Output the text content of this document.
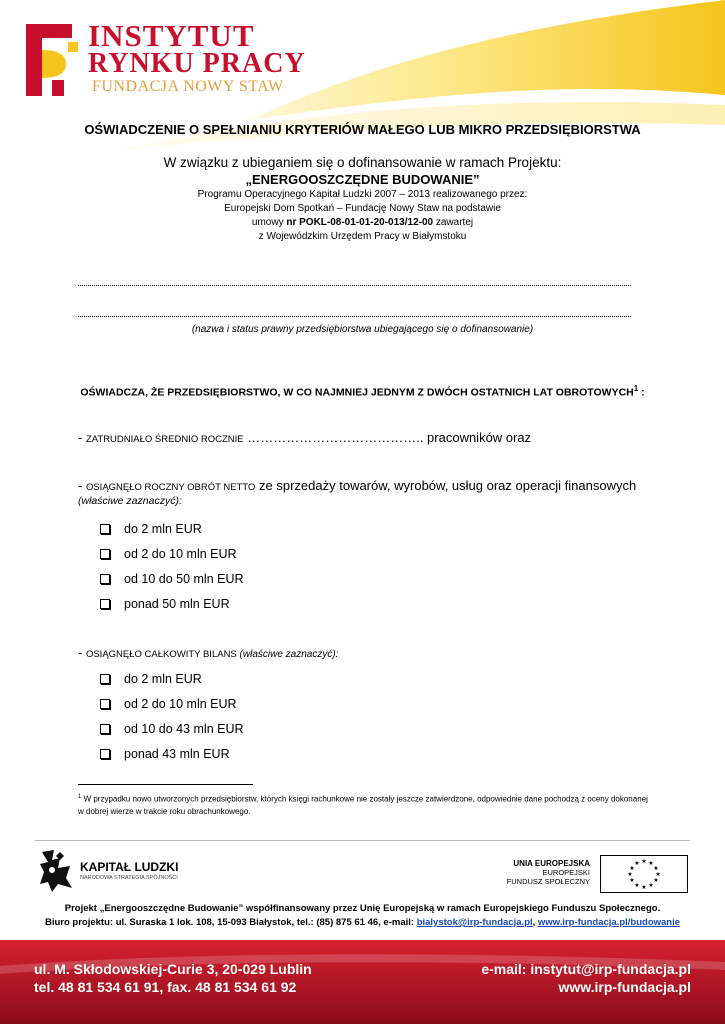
INSTYTUT
RYNKU PRACY
FUNDACJA NOWY STAW
OŚWIADCZENIE O SPEŁNIANIU KRYTERIÓW MAŁEGO LUB MIKRO PRZEDSIĘBIORSTWA
W związku z ubieganiem się o dofinansowanie w ramach Projektu:
„ENERGOOSZCZĘDNE BUDOWANIE”
Programu Operacyjnego Kapitał Ludzki 2007 – 2013 realizowanego przez:
Europejski Dom Spotkań – Fundację Nowy Staw na podstawie
umowy nr POKL-08-01-01-20-013/12-00 zawartej
z Wojewódzkim Urzędem Pracy w Białymstoku
(nazwa i status prawny przedsiębiorstwa ubiegającego się o dofinansowanie)
OŚWIADCZA, ŻE PRZEDSIĘBIORSTWO, W CO NAJMNIEJ JEDNYM Z DWÓCH OSTATNICH LAT OBROTOWYCH$^1$ :
- ZATRUDNIAŁO ŚREDNIO ROCZNIE ………………………………….. pracowników oraz
- OSIĄGNĘŁO ROCZNY OBRÓT NETTO ze sprzedaży towarów, wyrobów, usług oraz operacji finansowych
(właściwe zaznaczyć):
do 2 mln EUR
od 2 do 10 mln EUR
od 10 do 50 mln EUR
ponad 50 mln EUR
- OSIĄGNĘŁO CAŁKOWITY BILANS (właściwe zaznaczyć):
do 2 mln EUR
od 2 do 10 mln EUR
od 10 do 43 mln EUR
ponad 43 mln EUR
$^1$ W przypadku nowo utworzonych przedsiębiorstw, których księgi rachunkowe nie zostały jeszcze zatwierdzone, odpowiednie dane pochodzą z oceny dokonanej w dobrej wierze w trakcie roku obrachunkowego.
KAPITAŁ LUDZKI
NARODOWA STRATEGIA SPÓJNOŚCI
UNIA EUROPEJSKA
EUROPEJSKI
FUNDUSZ SPOŁECZNY
★ ★
★
★
★
★
★
★
★
★
★
★
Projekt „Energooszczędne Budowanie” współfinansowany przez Unię Europejską w ramach Europejskiego Funduszu Społecznego.
Biuro projektu: ul. Suraska 1 lok. 108, 15-093 Białystok, tel.: (85) 875 61 46, e-mail: bialystok@irp-fundacja.pl, www.irp-fundacja.pl/budowanie
ul. M. Skłodowskiej-Curie 3, 20-029 Lublin
tel. 48 81 534 61 91, fax. 48 81 534 61 92
e-mail: instytut@irp-fundacja.pl
www.irp-fundacja.pl
